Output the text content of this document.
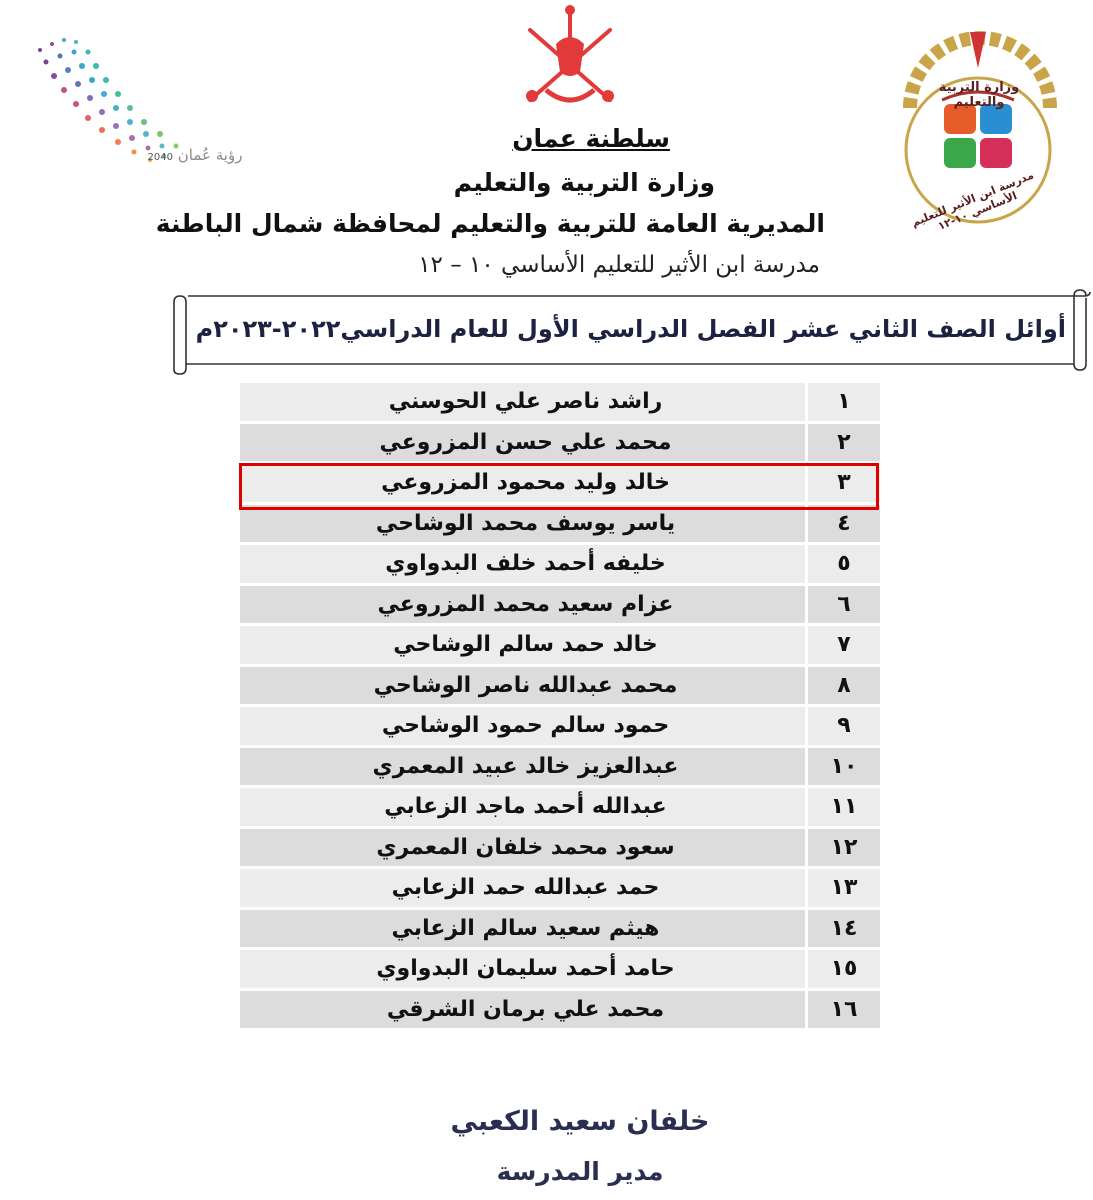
رؤية عُمان 2040
وزارة التربية والتعليم
مدرسة ابن الأثير للتعليم الأساسي ١٠-١٢
سلطنة عمان
وزارة التربية والتعليم
المديرية العامة للتربية والتعليم لمحافظة شمال الباطنة
مدرسة ابن الأثير للتعليم الأساسي ١٠ – ١٢
أوائل الصف الثاني عشر الفصل الدراسي الأول للعام الدراسي٢٠٢٢-٢٠٢٣م
راشد ناصر علي الحوسني	١
محمد علي حسن المزروعي	٢
خالد وليد محمود المزروعي	٣
ياسر يوسف محمد الوشاحي	٤
خليفه أحمد خلف البدواوي	٥
عزام سعيد محمد المزروعي	٦
خالد حمد سالم الوشاحي	٧
محمد عبدالله ناصر الوشاحي	٨
حمود سالم حمود الوشاحي	٩
عبدالعزيز خالد عبيد المعمري	١٠
عبدالله أحمد ماجد الزعابي	١١
سعود محمد خلفان المعمري	١٢
حمد عبدالله حمد الزعابي	١٣
هيثم سعيد سالم الزعابي	١٤
حامد أحمد سليمان البدواوي	١٥
محمد علي برمان الشرقي	١٦
خلفان سعيد الكعبي
مدير المدرسة
